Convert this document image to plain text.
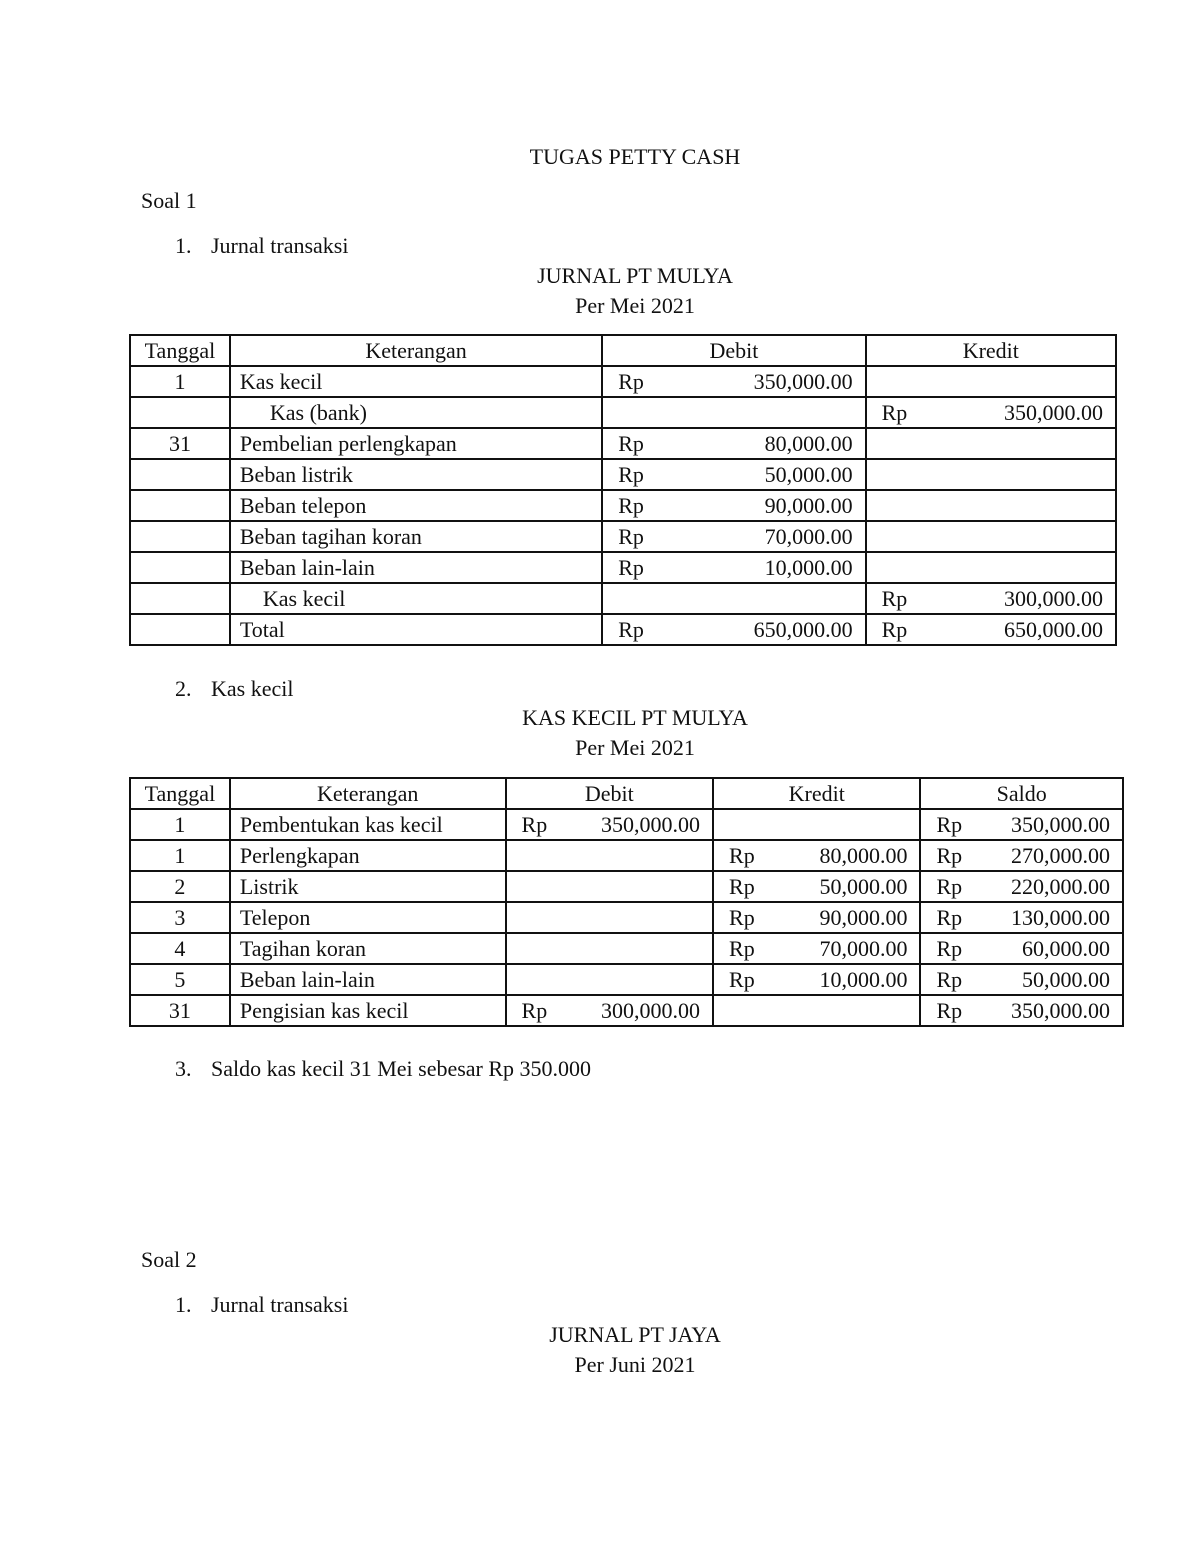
TUGAS PETTY CASH
Soal 1
1. Jurnal transaksi
JURNAL PT MULYA
Per Mei 2021
Tanggal	Keterangan	Debit	Kredit
1	Kas kecil	Rp 350,000.00	

	Kas (bank)		Rp 350,000.00

31	Pembelian perlengkapan	Rp 80,000.00	

	Beban listrik	Rp 50,000.00	

	Beban telepon	Rp 90,000.00	

	Beban tagihan koran	Rp 70,000.00	

	Beban lain-lain	Rp 10,000.00	

	Kas kecil		Rp 300,000.00

	Total	Rp 650,000.00	Rp 650,000.00
2. Kas kecil
KAS KECIL PT MULYA
Per Mei 2021
Tanggal	Keterangan	Debit	Kredit	Saldo
1	Pembentukan kas kecil	Rp 350,000.00		Rp 350,000.00

1	Perlengkapan		Rp 80,000.00	Rp 270,000.00

2	Listrik		Rp 50,000.00	Rp 220,000.00

3	Telepon		Rp 90,000.00	Rp 130,000.00

4	Tagihan koran		Rp 70,000.00	Rp 60,000.00

5	Beban lain-lain		Rp 10,000.00	Rp 50,000.00

31	Pengisian kas kecil	Rp 300,000.00		Rp 350,000.00
3. Saldo kas kecil 31 Mei sebesar Rp 350.000
Soal 2
1. Jurnal transaksi
JURNAL PT JAYA
Per Juni 2021
